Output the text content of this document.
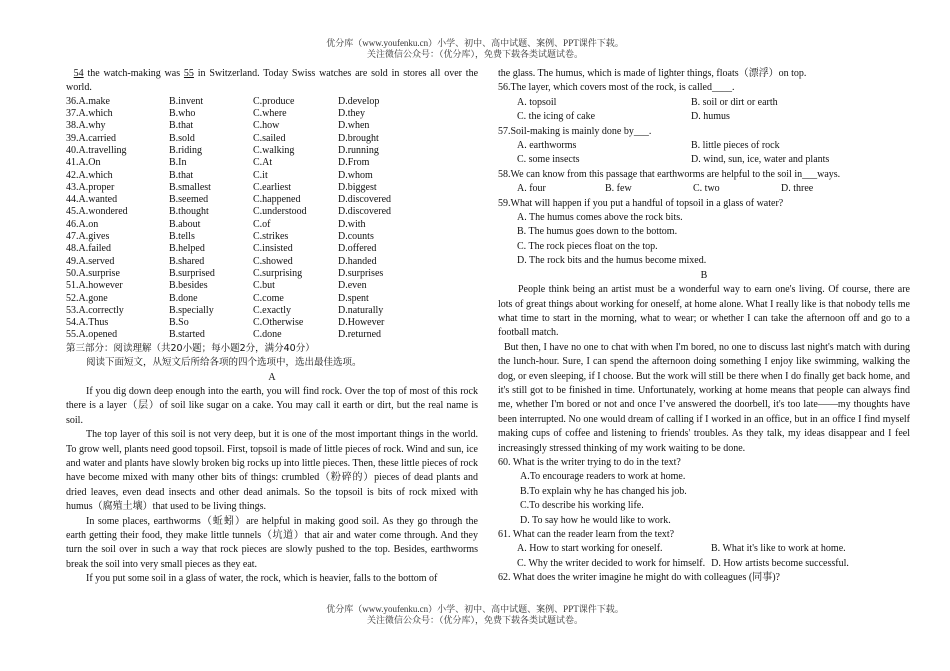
优分库（www.youfenku.cn）小学、初中、高中试题、案例、PPT课件下载。
关注微信公众号：（优分库），免费下载各类试题试卷。

54 the watch-making was 55 in Switzerland. Today Swiss watches are sold in stores all over the world.

36.A.make	B.invent	C.produce	D.develop
37.A.which	B.who	C.where	D.they
38.A.why	B.that	C.how	D.when
39.A.carried	B.sold	C.sailed	D.brought
40.A.travelling	B.riding	C.walking	D.running
41.A.On	B.In	C.At	D.From
42.A.which	B.that	C.it	D.whom
43.A.proper	B.smallest	C.earliest	D.biggest
44.A.wanted	B.seemed	C.happened	D.discovered
45.A.wondered	B.thought	C.understood	D.discovered
46.A.on	B.about	C.of	D.with
47.A.gives	B.tells	C.strikes	D.counts
48.A.failed	B.helped	C.insisted	D.offered
49.A.served	B.shared	C.showed	D.handed
50.A.surprise	B.surprised	C.surprising	D.surprises
51.A.however	B.besides	C.but	D.even
52.A.gone	B.done	C.come	D.spent
53.A.correctly	B.specially	C.exactly	D.naturally
54.A.Thus	B.So	C.Otherwise	D.However
55.A.opened	B.started	C.done	D.returned

第三部分：阅读理解（共20小题；每小题2分，满分40分）

阅读下面短文，从短文后所给各项的四个选项中，选出最佳选项。

A

If you dig down deep enough into the earth, you will find rock. Over the top of most of this rock there is a layer（层）of soil like sugar on a cake. You may call it earth or dirt, but the real name is soil.

The top layer of this soil is not very deep, but it is one of the most important things in the world. To grow well, plants need good topsoil. First, topsoil is made of little pieces of rock. Wind and sun, ice and water and plants have slowly broken big rocks up into little pieces. Then, these little pieces of rock have become mixed with many other bits of things: crumbled（粉碎的）pieces of dead plants and dried leaves, even dead insects and other dead animals. So the topsoil is bits of rock mixed with humus（腐殖土壤）that used to be living things.

In some places, earthworms（蚯蚓）are helpful in making good soil. As they go through the earth getting their food, they make little tunnels（坑道）that air and water come through. And they turn the soil over in such a way that rock pieces are slowly pushed to the top. Besides, earthworms break the soil into very small pieces as they eat.

If you put some soil in a glass of water, the rock, which is heavier, falls to the bottom of

the glass. The humus, which is made of lighter things, floats（漂浮）on top.

56.The layer, which covers most of the rock, is called____.

A. topsoil	B. soil or dirt or earth
C. the icing of cake	D. humus

57.Soil-making is mainly done by___.

A. earthworms	B. little pieces of rock
C. some insects	D. wind, sun, ice, water and plants

58.We can know from this passage that earthworms are helpful to the soil in___ways.

A. four	B. few	C. two	D. three

59.What will happen if you put a handful of topsoil in a glass of water?

A. The humus comes above the rock bits.
B. The humus goes down to the bottom.
C. The rock pieces float on the top.
D. The rock bits and the humus become mixed.

B

People think being an artist must be a wonderful way to earn one's living. Of course, there are lots of great things about working for oneself, at home alone. What I really like is that nobody tells me what time to start in the morning, what to wear; or whether I can take the afternoon off and go to a football match.

But then, I have no one to chat with when I'm bored, no one to discuss last night's match with during the lunch-hour. Sure, I can spend the afternoon doing something I enjoy like swimming, walking the dog, or even sleeping, if I choose. But the work will still be there when I do finally get back home, and it's still got to be finished in time. Unfortunately, working at home means that people can always find me, whether I'm bored or not and once I’ve answered the doorbell, it's too late——my thoughts have been interrupted. No one would dream of calling if I worked in an office, but in an office I find myself making cups of coffee and listening to friends' troubles. As they talk, my ideas disappear and I feel increasingly stressed thinking of my work waiting to be done.

60. What is the writer trying to do in the text?

A.To encourage readers to work at home.
B.To explain why he has changed his job.
C.To describe his working life.
D. To say how he would like to work.

61. What can the reader learn from the text?

A. How to start working for oneself.	B. What it's like to work at home.
C. Why the writer decided to work for himself. D. How artists become successful.

62. What does the writer imagine he might do with colleagues (同事)?

优分库（www.youfenku.cn）小学、初中、高中试题、案例、PPT课件下载。
关注微信公众号：（优分库），免费下载各类试题试卷。
